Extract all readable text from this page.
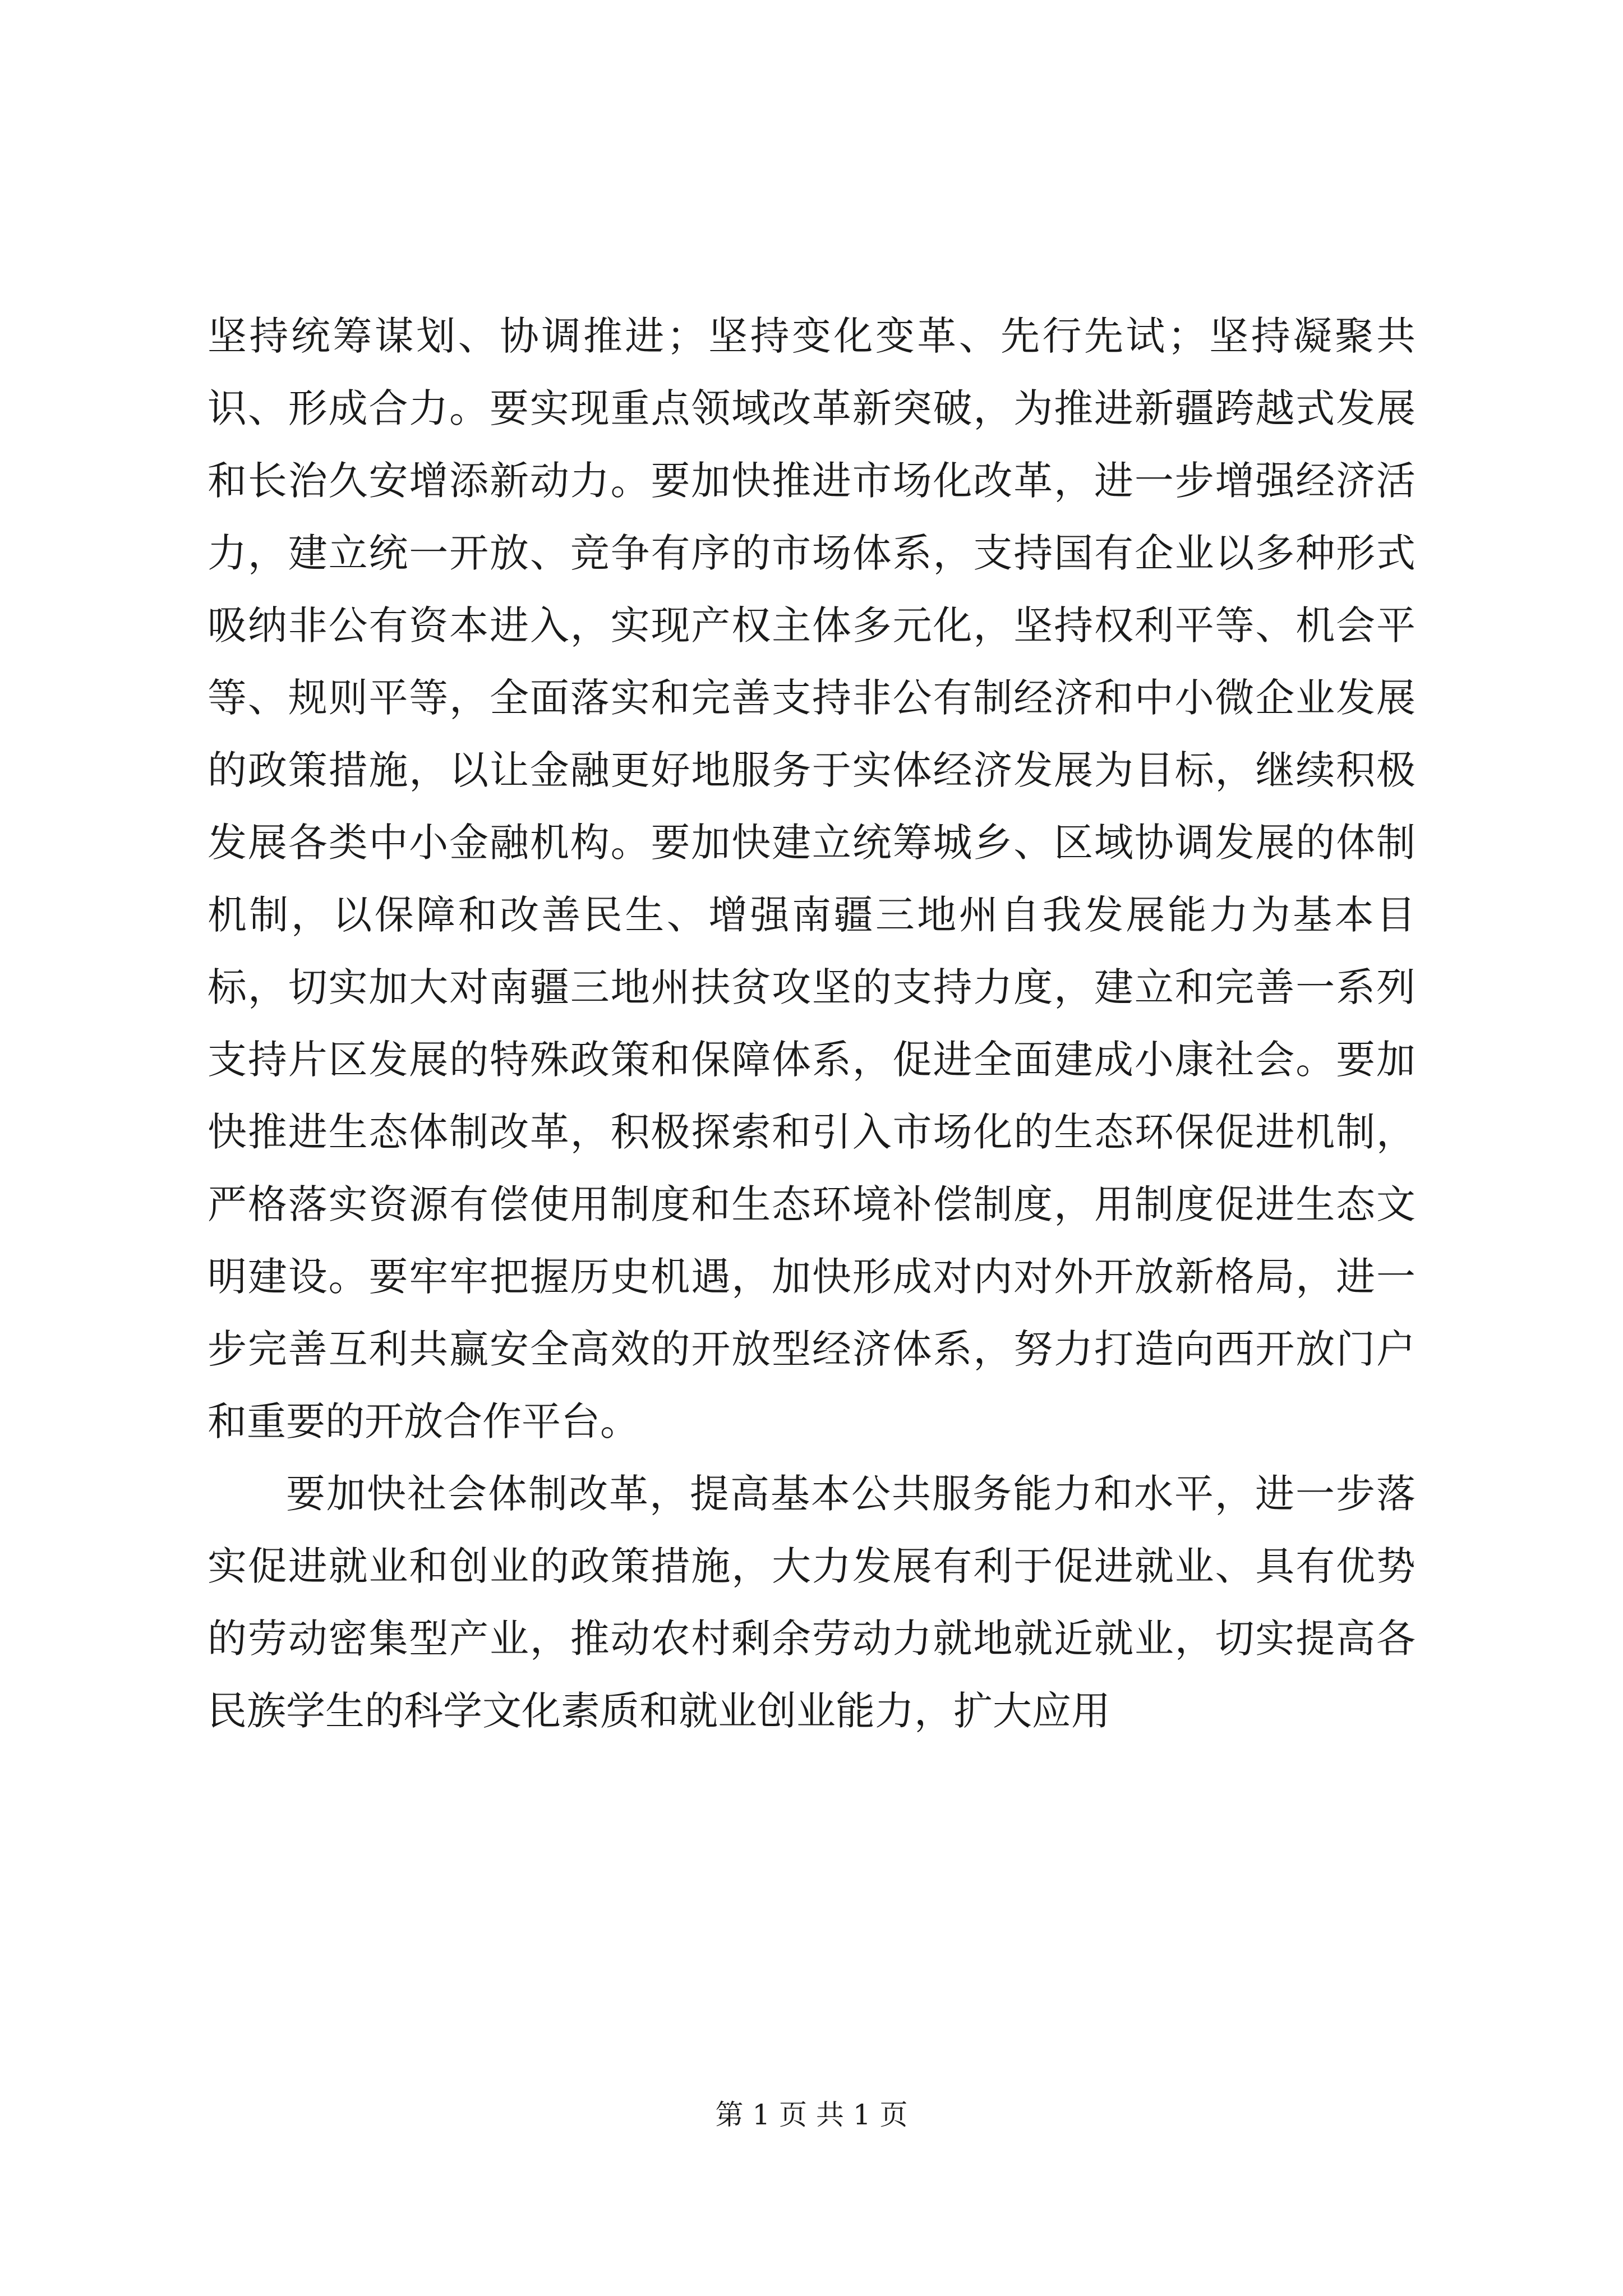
坚持统筹谋划、协调推进；坚持变化变革、先行先试；坚持凝聚共识、形成合力。要实现重点领域改革新突破，为推进新疆跨越式发展和长治久安增添新动力。要加快推进市场化改革，进一步增强经济活力，建立统一开放、竞争有序的市场体系，支持国有企业以多种形式吸纳非公有资本进入，实现产权主体多元化，坚持权利平等、机会平等、规则平等，全面落实和完善支持非公有制经济和中小微企业发展的政策措施，以让金融更好地服务于实体经济发展为目标，继续积极发展各类中小金融机构。要加快建立统筹城乡、区域协调发展的体制机制，以保障和改善民生、增强南疆三地州自我发展能力为基本目标，切实加大对南疆三地州扶贫攻坚的支持力度，建立和完善一系列支持片区发展的特殊政策和保障体系，促进全面建成小康社会。要加快推进生态体制改革，积极探索和引入市场化的生态环保促进机制，严格落实资源有偿使用制度和生态环境补偿制度，用制度促进生态文明建设。要牢牢把握历史机遇，加快形成对内对外开放新格局，进一步完善互利共赢安全高效的开放型经济体系，努力打造向西开放门户和重要的开放合作平台。

要加快社会体制改革，提高基本公共服务能力和水平，进一步落实促进就业和创业的政策措施，大力发展有利于促进就业、具有优势的劳动密集型产业，推动农村剩余劳动力就地就近就业，切实提高各民族学生的科学文化素质和就业创业能力，扩大应用

第 1 页 共 1 页
